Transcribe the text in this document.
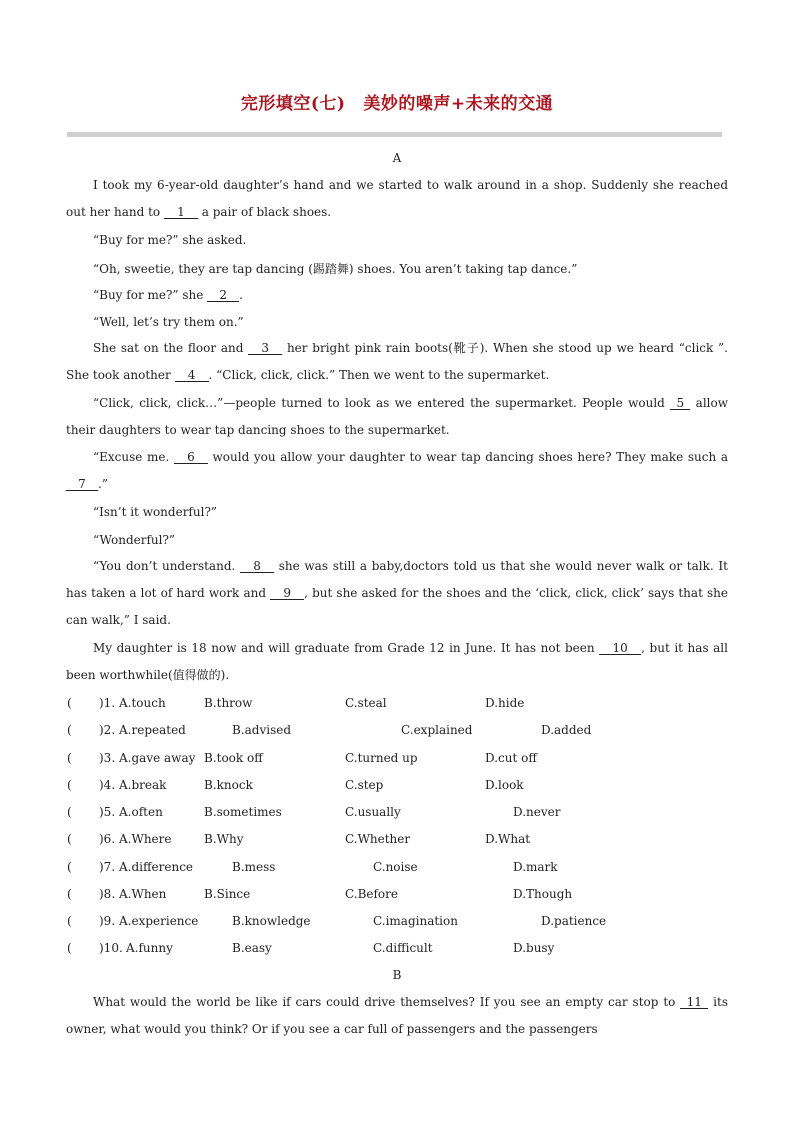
完形填空(七) 美妙的噪声+未来的交通
A

I took my 6-year-old daughter’s hand and we started to walk around in a shop. Suddenly she reached out her hand to 1 a pair of black shoes.

“Buy for me?” she asked.
“Oh, sweetie, they are tap dancing (踢踏舞) shoes. You aren’t taking tap dance.”
“Buy for me?” she 2 .
“Well, let’s try them on.”

She sat on the floor and 3 her bright pink rain boots(靴子). When she stood up we heard “click ”. She took another 4 . “Click, click, click.” Then we went to the supermarket.

“Click, click, click…”—people turned to look as we entered the supermarket. People would 5 allow their daughters to wear tap dancing shoes to the supermarket.

“Excuse me. 6 would you allow your daughter to wear tap dancing shoes here? They make such a 7 .”

“Isn’t it wonderful?”
“Wonderful?”

“You don’t understand. 8 she was still a baby,doctors told us that she would never walk or talk. It has taken a lot of hard work and 9 , but she asked for the shoes and the ‘click, click, click’ says that she can walk,” I said.

My daughter is 18 now and will graduate from Grade 12 in June. It has not been 10 , but it has all been worthwhile(值得做的).

( )1. A.touch	B.throw	C.steal	D.hide
( )2. A.repeated	B.advised	C.explained	D.added
( )3. A.gave away B.took off	C.turned up	D.cut off
( )4. A.break	B.knock	C.step	D.look
( )5. A.often	B.sometimes	C.usually	D.never
( )6. A.Where	B.Why	C.Whether	D.What
( )7. A.difference	B.mess	C.noise	D.mark
( )8. A.When	B.Since	C.Before	D.Though
( )9. A.experience	B.knowledge	C.imagination	D.patience
( )10. A.funny	B.easy	C.difficult	D.busy
B

What would the world be like if cars could drive themselves? If you see an empty car stop to 11 its owner, what would you think? Or if you see a car full of passengers and the passengers
